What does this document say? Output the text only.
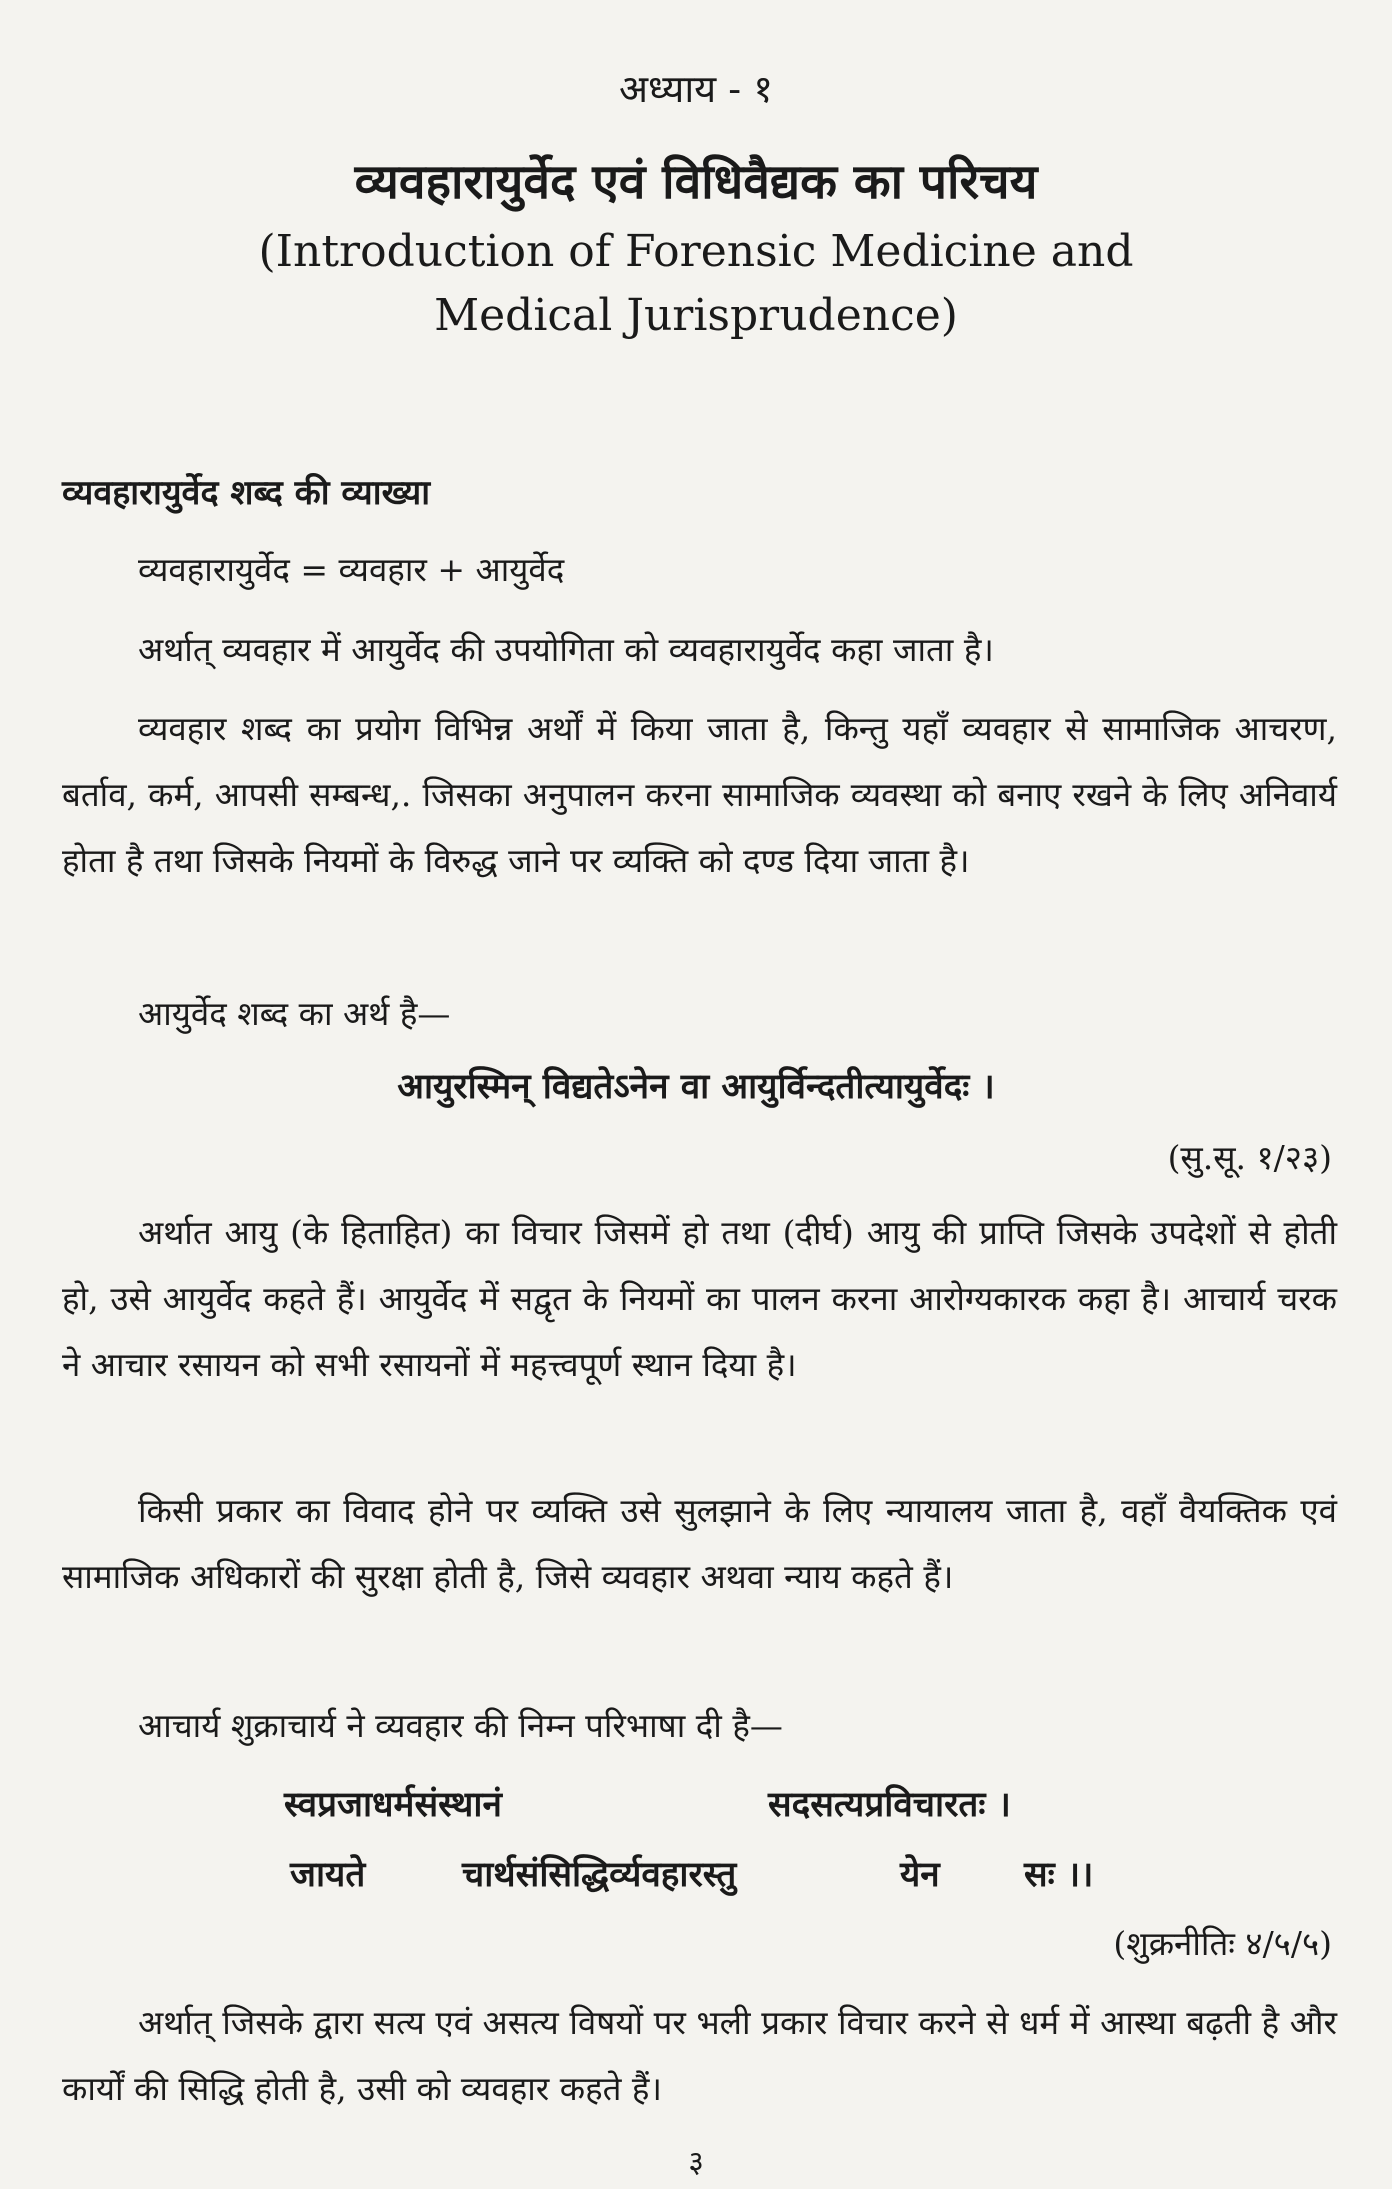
अध्याय - १
व्यवहारायुर्वेद एवं विधिवैद्यक का परिचय
(Introduction of Forensic Medicine and Medical Jurisprudence)
व्यवहारायुर्वेद शब्द की व्याख्या
व्यवहारायुर्वेद = व्यवहार + आयुर्वेद
अर्थात् व्यवहार में आयुर्वेद की उपयोगिता को व्यवहारायुर्वेद कहा जाता है।
व्यवहार शब्द का प्रयोग विभिन्न अर्थों में किया जाता है, किन्तु यहाँ व्यवहार से सामाजिक आचरण, बर्ताव, कर्म, आपसी सम्बन्ध,. जिसका अनुपालन करना सामाजिक व्यवस्था को बनाए रखने के लिए अनिवार्य होता है तथा जिसके नियमों के विरुद्ध जाने पर व्यक्ति को दण्ड दिया जाता है।
आयुर्वेद शब्द का अर्थ है—
आयुरस्मिन् विद्यतेऽनेन वा आयुर्विन्दतीत्यायुर्वेदः ।
(सु.सू. १/२३)
अर्थात आयु (के हिताहित) का विचार जिसमें हो तथा (दीर्घ) आयु की प्राप्ति जिसके उपदेशों से होती हो, उसे आयुर्वेद कहते हैं। आयुर्वेद में सद्वृत के नियमों का पालन करना आरोग्यकारक कहा है। आचार्य चरक ने आचार रसायन को सभी रसायनों में महत्त्वपूर्ण स्थान दिया है।
किसी प्रकार का विवाद होने पर व्यक्ति उसे सुलझाने के लिए न्यायालय जाता है, वहाँ वैयक्तिक एवं सामाजिक अधिकारों की सुरक्षा होती है, जिसे व्यवहार अथवा न्याय कहते हैं।
आचार्य शुक्राचार्य ने व्यवहार की निम्न परिभाषा दी है—
स्वप्रजाधर्मसंस्थानं	सदसत्यप्रविचारतः ।
जायते	चार्थसंसिद्धिर्व्यवहारस्तु	येन सः ।।
(शुक्रनीतिः ४/५/५)
अर्थात् जिसके द्वारा सत्य एवं असत्य विषयों पर भली प्रकार विचार करने से धर्म में आस्था बढ़ती है और कार्यों की सिद्धि होती है, उसी को व्यवहार कहते हैं।
३
